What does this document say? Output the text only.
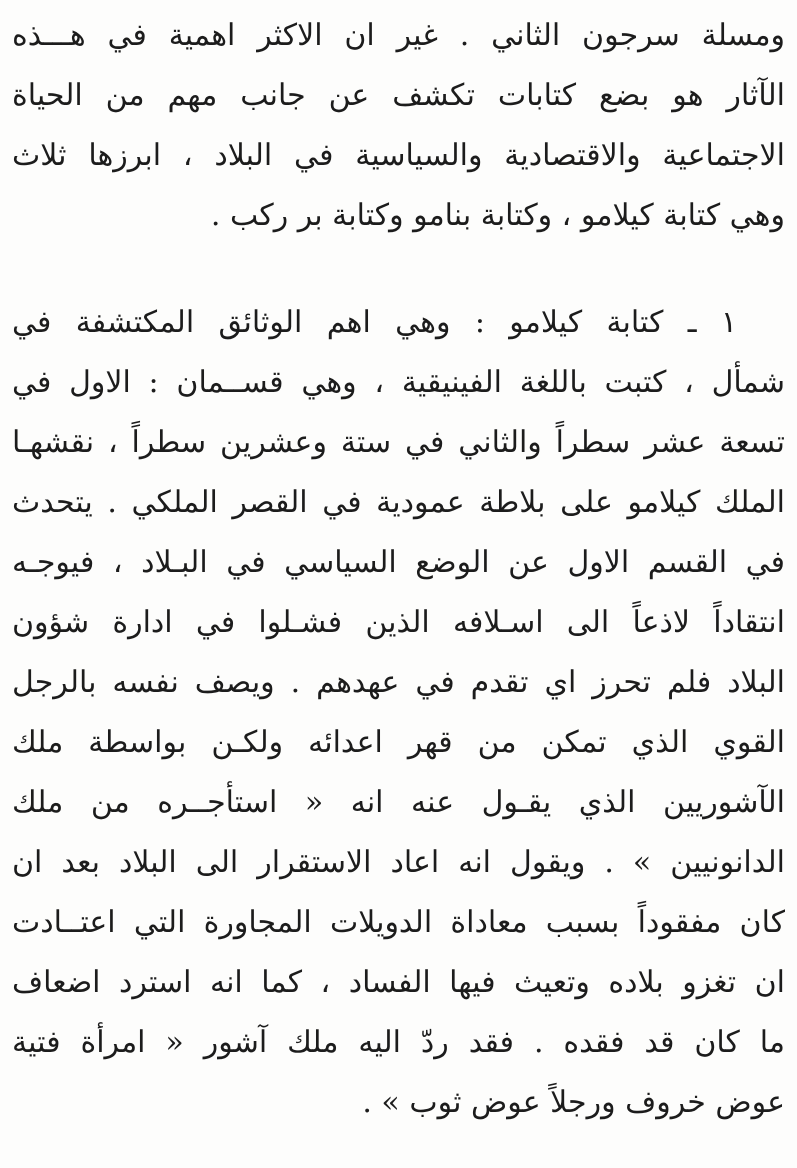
ومسلة سرجون الثاني . غير ان الاكثر اهمية في هـــذه
الآثار هو بضع كتابات تكشف عن جانب مهم من الحياة
الاجتماعية والاقتصادية والسياسية في البلاد ، ابرزها ثلاث
وهي كتابة كيلامو ، وكتابة بنامو وكتابة بر ركب .
١ ـ كتابة كيلامو : وهي اهم الوثائق المكتشفة في
شمأل ، كتبت باللغة الفينيقية ، وهي قســمان : الاول في
تسعة عشر سطراً والثاني في ستة وعشرين سطراً ، نقشهـا
الملك كيلامو على بلاطة عمودية في القصر الملكي . يتحدث
في القسم الاول عن الوضع السياسي في البـلاد ، فيوجـه
انتقاداً لاذعاً الى اسـلافه الذين فشـلوا في ادارة شؤون
البلاد فلم تحرز اي تقدم في عهدهم . ويصف نفسه بالرجل
القوي الذي تمكن من قهر اعدائه ولكـن بواسطة ملك
الآشوريين الذي يقـول عنه انه « استأجــره من ملك
الدانونيين » . ويقول انه اعاد الاستقرار الى البلاد بعد ان
كان مفقوداً بسبب معاداة الدويلات المجاورة التي اعتــادت
ان تغزو بلاده وتعيث فيها الفساد ، كما انه استرد اضعاف
ما كان قد فقده . فقد ردّ اليه ملك آشور « امرأة فتية
عوض خروف ورجلاً عوض ثوب » .
